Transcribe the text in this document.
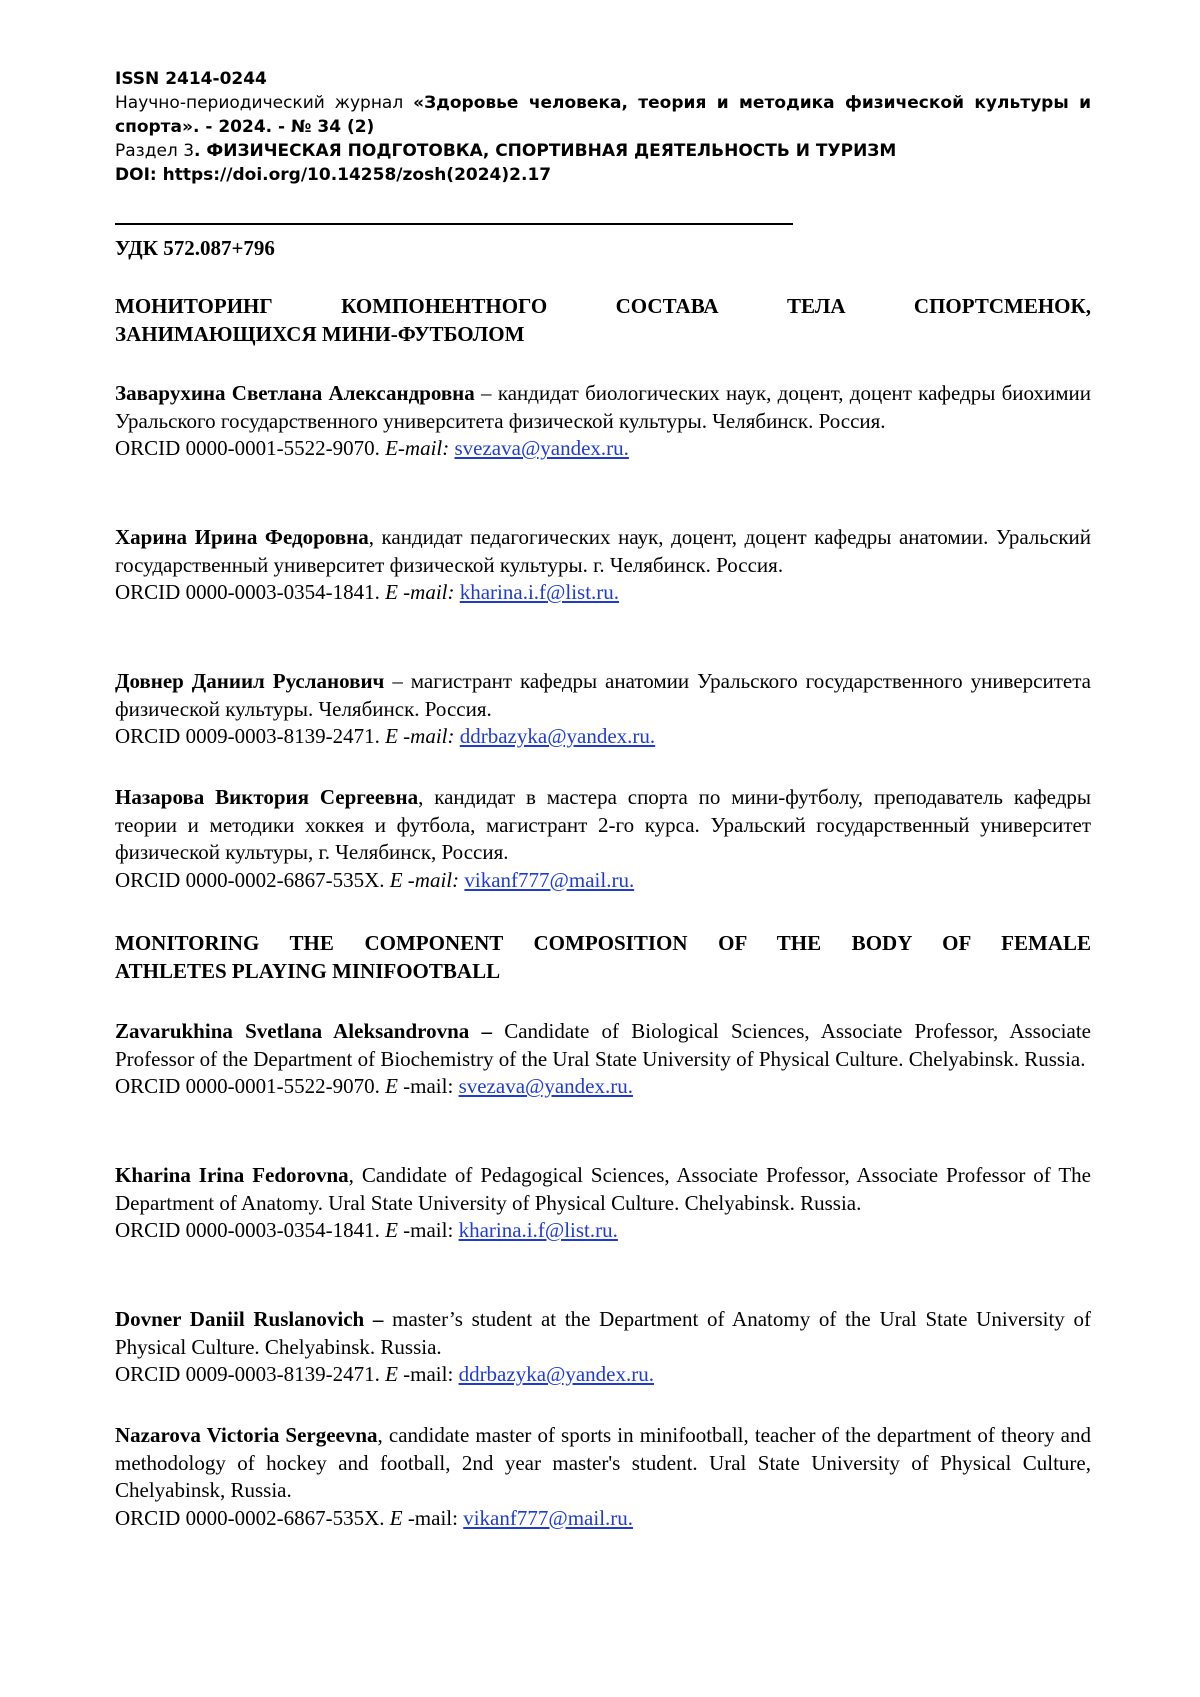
ISSN 2414-0244
Научно-периодический журнал «Здоровье человека, теория и методика физической культуры и спорта». - 2024. - № 34 (2)
Раздел 3. ФИЗИЧЕСКАЯ ПОДГОТОВКА, СПОРТИВНАЯ ДЕЯТЕЛЬНОСТЬ И ТУРИЗМ
DOI: https://doi.org/10.14258/zosh(2024)2.17
УДК 572.087+796
МОНИТОРИНГ КОМПОНЕНТНОГО СОСТАВА ТЕЛА СПОРТСМЕНОК,
ЗАНИМАЮЩИХСЯ МИНИ-ФУТБОЛОМ

Заварухина Светлана Александровна – кандидат биологических наук, доцент, доцент кафедры биохимии Уральского государственного университета физической культуры. Челябинск. Россия.

ORCID 0000-0001-5522-9070. E-mail: svezava@yandex.ru.

Харина Ирина Федоровна, кандидат педагогических наук, доцент, доцент кафедры анатомии. Уральский государственный университет физической культуры. г. Челябинск. Россия.

ORCID 0000-0003-0354-1841. E -mail: kharina.i.f@list.ru.

Довнер Даниил Русланович – магистрант кафедры анатомии Уральского государственного университета физической культуры. Челябинск. Россия.

ORCID 0009-0003-8139-2471. E -mail: ddrbazyka@yandex.ru.

Назарова Виктория Сергеевна, кандидат в мастера спорта по мини-футболу, преподаватель кафедры теории и методики хоккея и футбола, магистрант 2-го курса. Уральский государственный университет физической культуры, г. Челябинск, Россия.

ORCID 0000-0002-6867-535X. E -mail: vikanf777@mail.ru.
MONITORING THE COMPONENT COMPOSITION OF THE BODY OF FEMALE
ATHLETES PLAYING MINIFOOTBALL

Zavarukhina Svetlana Aleksandrovna – Candidate of Biological Sciences, Associate Professor, Associate Professor of the Department of Biochemistry of the Ural State University of Physical Culture. Chelyabinsk. Russia.

ORCID 0000-0001-5522-9070. E -mail: svezava@yandex.ru.

Kharina Irina Fedorovna, Candidate of Pedagogical Sciences, Associate Professor, Associate Professor of The Department of Anatomy. Ural State University of Physical Culture. Chelyabinsk. Russia.

ORCID 0000-0003-0354-1841. E -mail: kharina.i.f@list.ru.

Dovner Daniil Ruslanovich – master’s student at the Department of Anatomy of the Ural State University of Physical Culture. Chelyabinsk. Russia.

ORCID 0009-0003-8139-2471. E -mail: ddrbazyka@yandex.ru.

Nazarova Victoria Sergeevna, candidate master of sports in minifootball, teacher of the department of theory and methodology of hockey and football, 2nd year master's student. Ural State University of Physical Culture, Chelyabinsk, Russia.

ORCID 0000-0002-6867-535X. E -mail: vikanf777@mail.ru.
